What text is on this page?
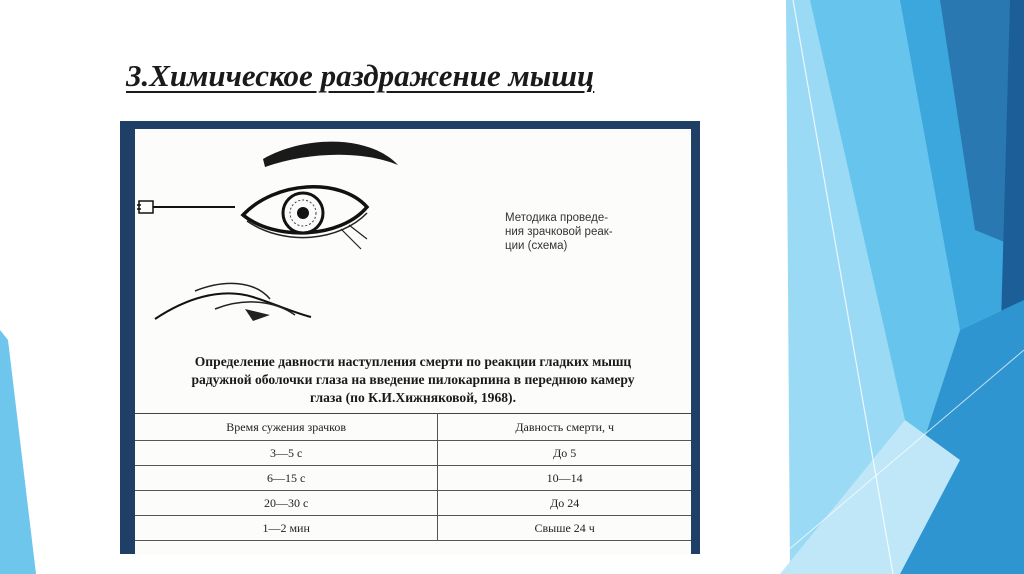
3.Химическое раздражение мышц
Методика проведе-
ния зрачковой реак-
ции (схема)
Определение давности наступления смерти по реакции гладких мышц
радужной оболочки глаза на введение пилокарпина в переднюю камеру
глаза (по К.И.Хижняковой, 1968).
Время сужения зрачков	Давность смерти, ч
3—5 с	До 5
6—15 с	10—14
20—30 с	До 24
1—2 мин	Свыше 24 ч
